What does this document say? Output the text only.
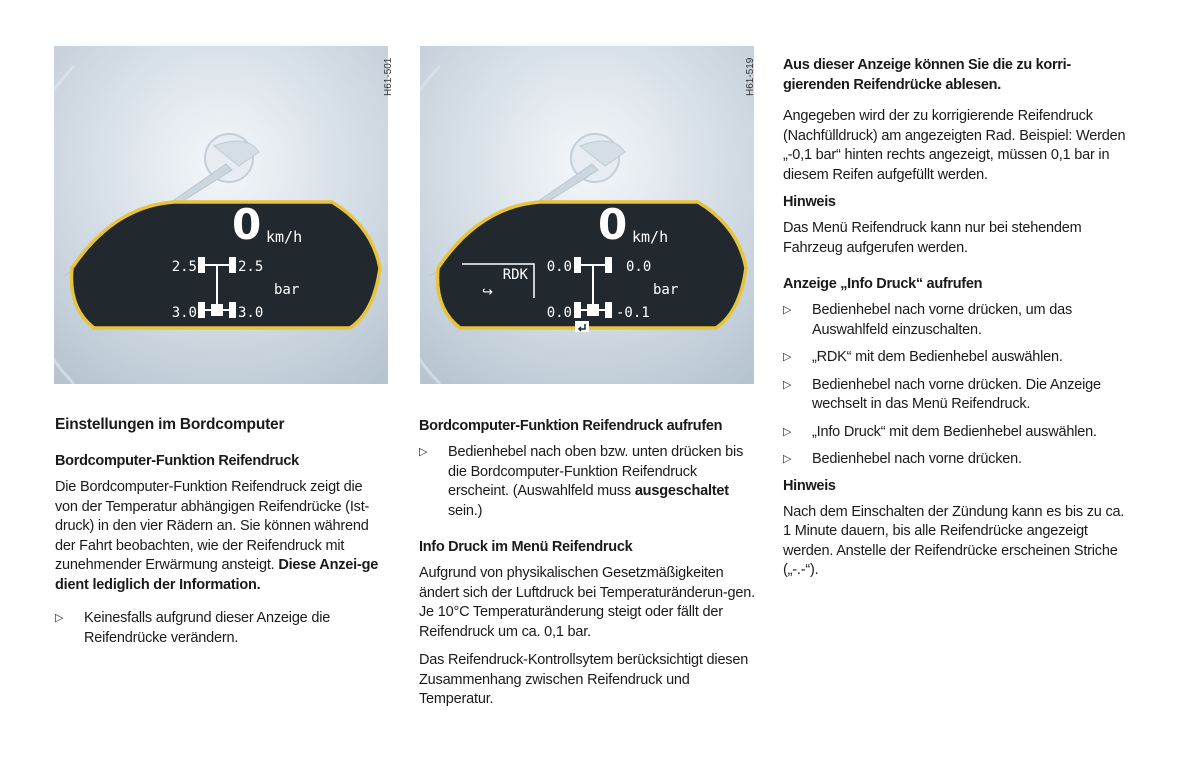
0 km/h
2.5	2.5
3.0	3.0
bar
H61-501
0 km/h
RDK
↪
0.0	0.0
0.0	-0.1
bar
H61-519
Einstellungen im Bordcomputer
Bordcomputer-Funktion Reifendruck

Die Bordcomputer-Funktion Reifendruck zeigt die von der Temperatur abhängigen Reifendrücke (Ist-druck) in den vier Rädern an. Sie können während der Fahrt beobachten, wie der Reifendruck mit zunehmender Erwärmung ansteigt. Diese Anzei-ge dient lediglich der Information.

▷	Keinesfalls aufgrund dieser Anzeige die Reifendrücke verändern.
Bordcomputer-Funktion Reifendruck aufrufen
▷	Bedienhebel nach oben bzw. unten drücken bis die Bordcomputer-Funktion Reifendruck erscheint. (Auswahlfeld muss ausgeschaltet sein.)
Info Druck im Menü Reifendruck

Aufgrund von physikalischen Gesetzmäßigkeiten ändert sich der Luftdruck bei Temperaturänderun-gen. Je 10°C Temperaturänderung steigt oder fällt der Reifendruck um ca. 0,1 bar.

Das Reifendruck-Kontrollsytem berücksichtigt diesen Zusammenhang zwischen Reifendruck und Temperatur.

Aus dieser Anzeige können Sie die zu korri-gierenden Reifendrücke ablesen.

Angegeben wird der zu korrigierende Reifendruck (Nachfülldruck) am angezeigten Rad. Beispiel: Werden „-0,1 bar“ hinten rechts angezeigt, müssen 0,1 bar in diesem Reifen aufgefüllt werden.

Hinweis

Das Menü Reifendruck kann nur bei stehendem Fahrzeug aufgerufen werden.

Anzeige „Info Druck“ aufrufen
▷	Bedienhebel nach vorne drücken, um das Auswahlfeld einzuschalten.
▷	„RDK“ mit dem Bedienhebel auswählen.
▷	Bedienhebel nach vorne drücken. Die Anzeige wechselt in das Menü Reifendruck.
▷	„Info Druck“ mit dem Bedienhebel auswählen.
▷	Bedienhebel nach vorne drücken.
Hinweis

Nach dem Einschalten der Zündung kann es bis zu ca. 1 Minute dauern, bis alle Reifendrücke angezeigt werden. Anstelle der Reifendrücke erscheinen Striche („-.-“).
